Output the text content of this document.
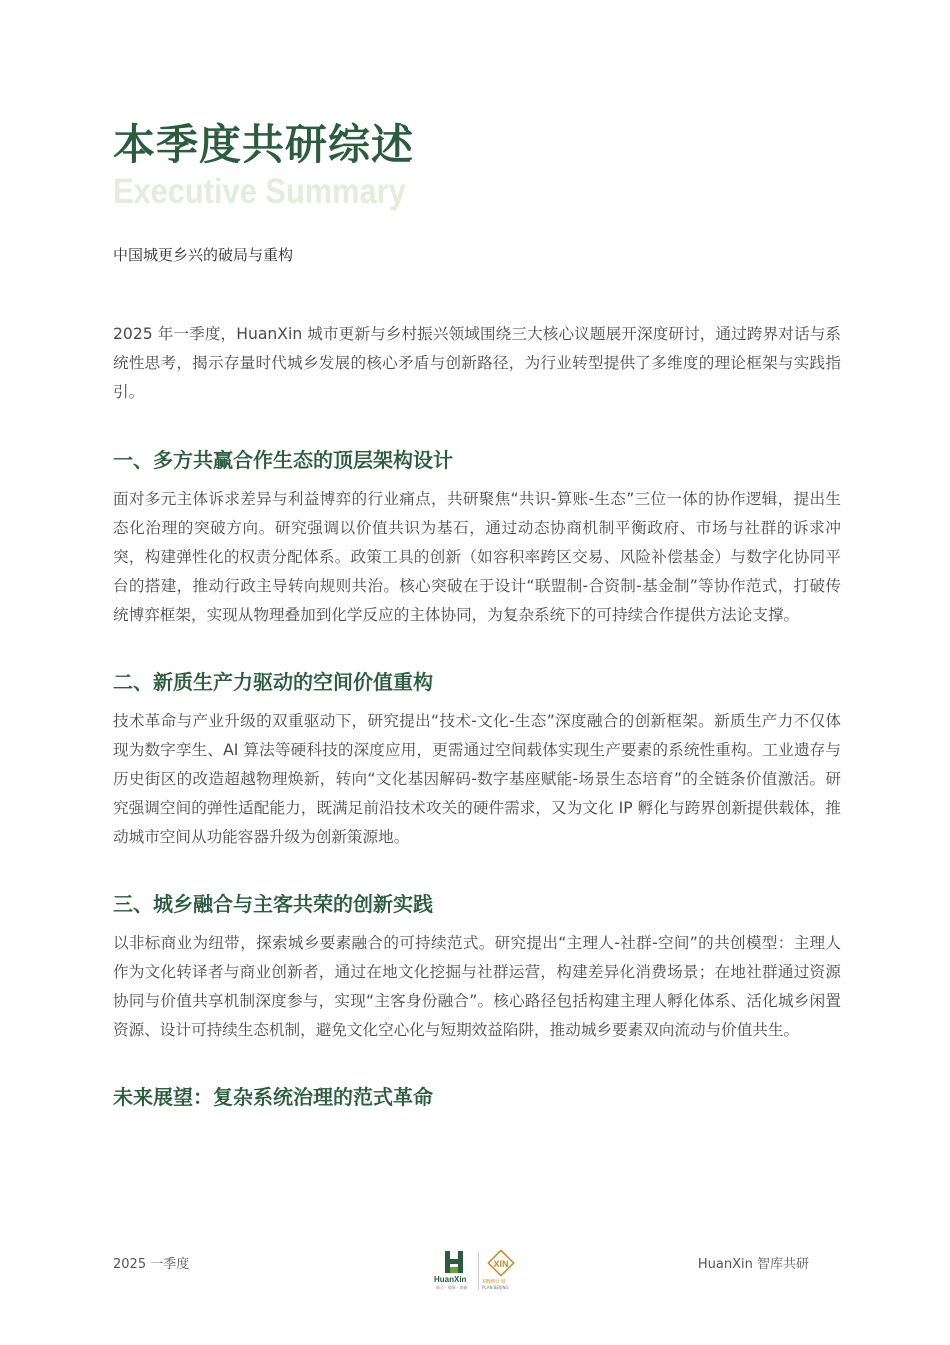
本季度共研综述
Executive Summary
中国城更乡兴的破局与重构

2025 年一季度，HuanXin 城市更新与乡村振兴领域围绕三大核心议题展开深度研讨，通过跨界对话与系统性思考，揭示存量时代城乡发展的核心矛盾与创新路径，为行业转型提供了多维度的理论框架与实践指引。

一、多方共赢合作生态的顶层架构设计

面对多元主体诉求差异与利益博弈的行业痛点，共研聚焦“共识-算账-生态”三位一体的协作逻辑，提出生态化治理的突破方向。研究强调以价值共识为基石，通过动态协商机制平衡政府、市场与社群的诉求冲突，构建弹性化的权责分配体系。政策工具的创新（如容积率跨区交易、风险补偿基金）与数字化协同平台的搭建，推动行政主导转向规则共治。核心突破在于设计“联盟制-合资制-基金制”等协作范式，打破传统博弈框架，实现从物理叠加到化学反应的主体协同，为复杂系统下的可持续合作提供方法论支撑。

二、新质生产力驱动的空间价值重构

技术革命与产业升级的双重驱动下，研究提出“技术-文化-生态”深度融合的创新框架。新质生产力不仅体现为数字孪生、AI 算法等硬科技的深度应用，更需通过空间载体实现生产要素的系统性重构。工业遗存与历史街区的改造超越物理焕新，转向“文化基因解码-数字基座赋能-场景生态培育”的全链条价值激活。研究强调空间的弹性适配能力，既满足前沿技术攻关的硬件需求，又为文化 IP 孵化与跨界创新提供载体，推动城市空间从功能容器升级为创新策源地。

三、城乡融合与主客共荣的创新实践

以非标商业为纽带，探索城乡要素融合的可持续范式。研究提出“主理人-社群-空间”的共创模型：主理人作为文化转译者与商业创新者，通过在地文化挖掘与社群运营，构建差异化消费场景；在地社群通过资源协同与价值共享机制深度参与，实现“主客身份融合”。核心路径包括构建主理人孵化体系、活化城乡闲置资源、设计可持续生态机制，避免文化空心化与短期效益陷阱，推动城乡要素双向流动与价值共生。

未来展望：复杂系统治理的范式革命
2025 一季度
HuanXin
焕心 · 焕新 · 焕新
XIN
XIN焕计划
PLAN BEIJING
HuanXin 智库共研
